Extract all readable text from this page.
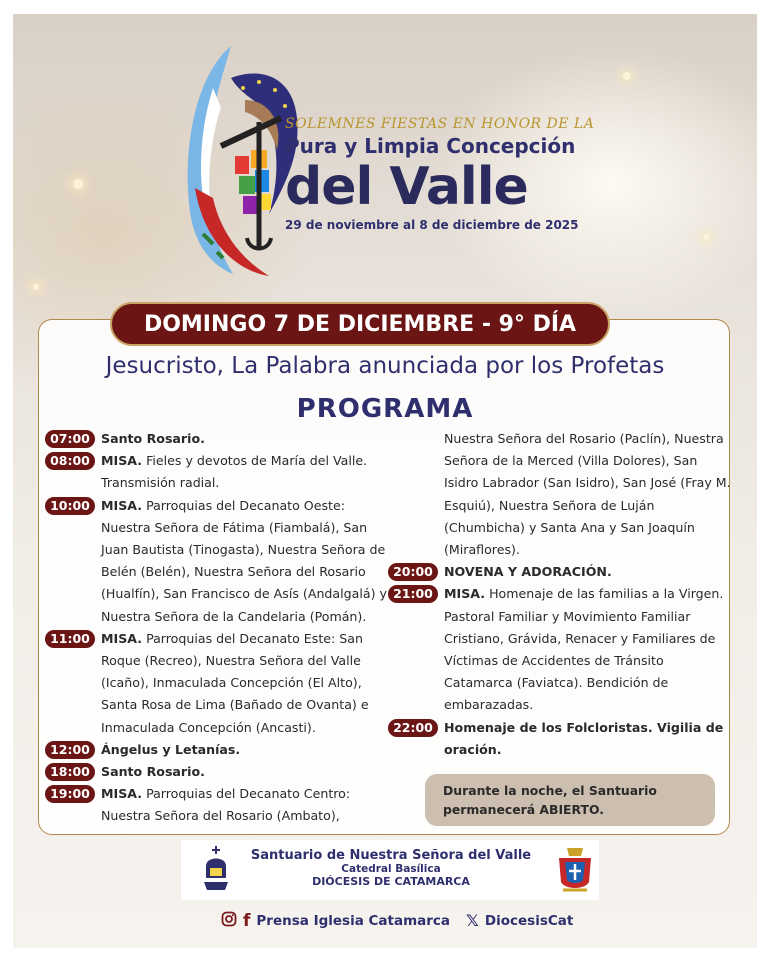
SOLEMNES FIESTAS EN HONOR DE LA
Pura y Limpia Concepción
del Valle
29 de noviembre al 8 de diciembre de 2025
DOMINGO 7 DE DICIEMBRE - 9° DÍA
Jesucristo, La Palabra anunciada por los Profetas
PROGRAMA
07:00 Santo Rosario.
08:00 MISA. Fieles y devotos de María del Valle.
Transmisión radial.
10:00 MISA. Parroquias del Decanato Oeste:
Nuestra Señora de Fátima (Fiambalá), San
Juan Bautista (Tinogasta), Nuestra Señora de
Belén (Belén), Nuestra Señora del Rosario
(Hualfín), San Francisco de Asís (Andalgalá) y
Nuestra Señora de la Candelaria (Pomán).
11:00 MISA. Parroquias del Decanato Este: San
Roque (Recreo), Nuestra Señora del Valle
(Icaño), Inmaculada Concepción (El Alto),
Santa Rosa de Lima (Bañado de Ovanta) e
Inmaculada Concepción (Ancasti).
12:00 Ángelus y Letanías.
18:00 Santo Rosario.
19:00 MISA. Parroquias del Decanato Centro:
Nuestra Señora del Rosario (Ambato),
Nuestra Señora del Rosario (Paclín), Nuestra
Señora de la Merced (Villa Dolores), San
Isidro Labrador (San Isidro), San José (Fray M.
Esquiú), Nuestra Señora de Luján
(Chumbicha) y Santa Ana y San Joaquín
(Miraflores).
20:00 NOVENA Y ADORACIÓN.
21:00 MISA. Homenaje de las familias a la Virgen.
Pastoral Familiar y Movimiento Familiar
Cristiano, Grávida, Renacer y Familiares de
Víctimas de Accidentes de Tránsito
Catamarca (Faviatca). Bendición de
embarazadas.
22:00 Homenaje de los Folcloristas. Vigilia de
oración.
Durante la noche, el Santuario
permanecerá ABIERTO.
Santuario de Nuestra Señora del Valle
Catedral Basílica
DIÓCESIS DE CATAMARCA
f Prensa Iglesia Catamarca 𝕏 DiocesisCat
